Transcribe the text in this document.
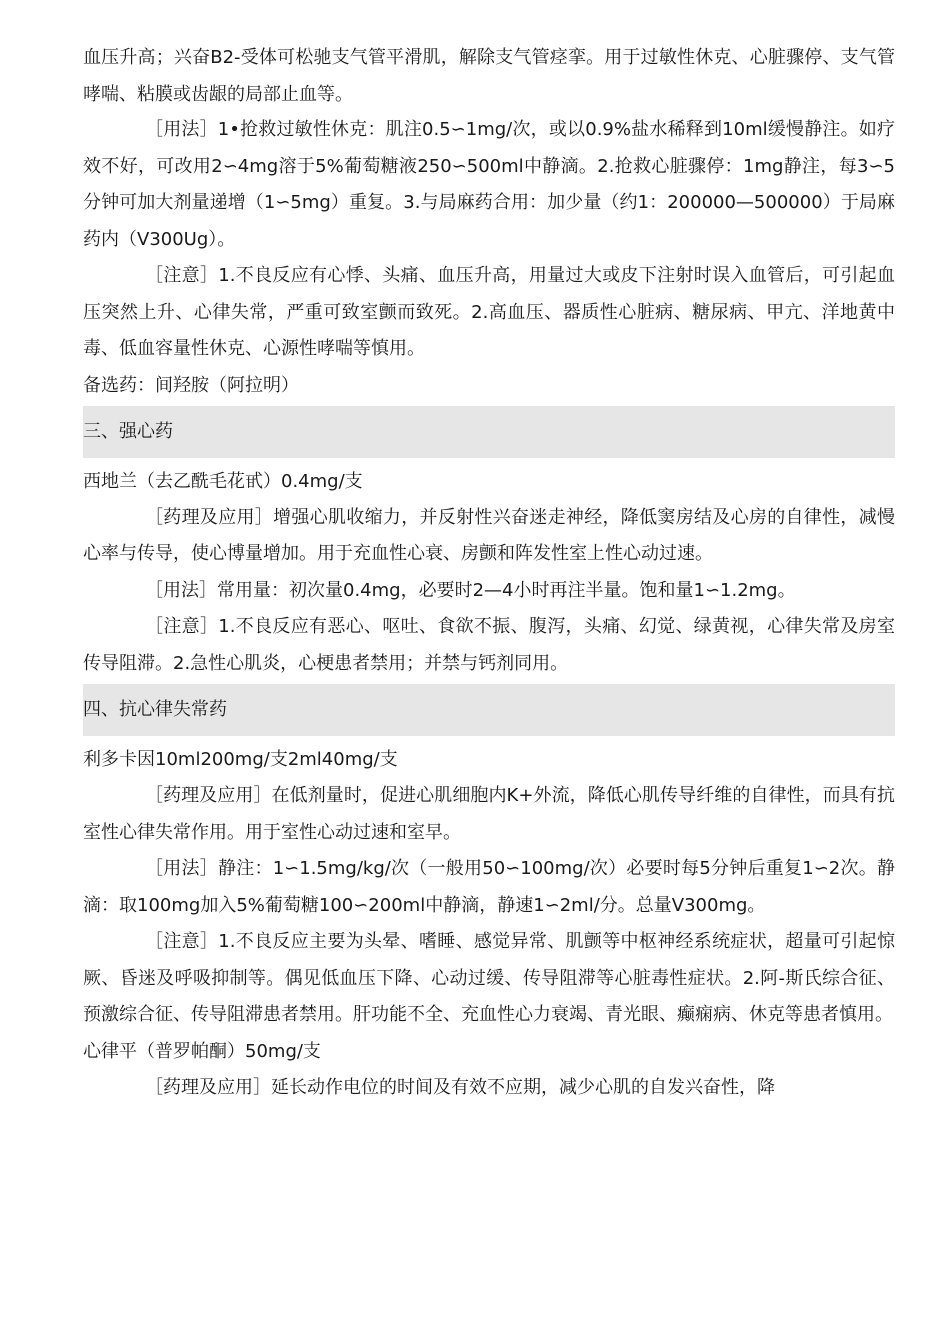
血压升高；兴奋B2-受体可松驰支气管平滑肌，解除支气管痉挛。用于过敏性休克、心脏骤停、支气管哮喘、粘膜或齿龈的局部止血等。
［用法］1•抢救过敏性休克：肌注0.5∽1mg/次，或以0.9%盐水稀释到10ml缓慢静注。如疗效不好，可改用2∽4mg溶于5%葡萄糖液250∽500ml中静滴。2.抢救心脏骤停：1mg静注，每3∽5分钟可加大剂量递增（1∽5mg）重复。3.与局麻药合用：加少量（约1：200000—500000）于局麻药内（V300Ug）。
［注意］1.不良反应有心悸、头痛、血压升高，用量过大或皮下注射时误入血管后，可引起血压突然上升、心律失常，严重可致室颤而致死。2.高血压、器质性心脏病、糖尿病、甲亢、洋地黄中毒、低血容量性休克、心源性哮喘等慎用。
备选药：间羟胺（阿拉明）
三、强心药
西地兰（去乙酰毛花甙）0.4mg/支
［药理及应用］增强心肌收缩力，并反射性兴奋迷走神经，降低窦房结及心房的自律性，减慢心率与传导，使心博量增加。用于充血性心衰、房颤和阵发性室上性心动过速。
［用法］常用量：初次量0.4mg，必要时2—4小时再注半量。饱和量1∽1.2mg。
［注意］1.不良反应有恶心、呕吐、食欲不振、腹泻，头痛、幻觉、绿黄视，心律失常及房室传导阻滞。2.急性心肌炎，心梗患者禁用；并禁与钙剂同用。
四、抗心律失常药
利多卡因10ml200mg/支2ml40mg/支
［药理及应用］在低剂量时，促进心肌细胞内K+外流，降低心肌传导纤维的自律性，而具有抗室性心律失常作用。用于室性心动过速和室早。
［用法］静注：1∽1.5mg/kg/次（一般用50∽100mg/次）必要时每5分钟后重复1∽2次。静滴：取100mg加入5%葡萄糖100∽200ml中静滴，静速1∽2ml/分。总量V300mg。
［注意］1.不良反应主要为头晕、嗜睡、感觉异常、肌颤等中枢神经系统症状，超量可引起惊厥、昏迷及呼吸抑制等。偶见低血压下降、心动过缓、传导阻滞等心脏毒性症状。2.阿-斯氏综合征、预激综合征、传导阻滞患者禁用。肝功能不全、充血性心力衰竭、青光眼、癫痫病、休克等患者慎用。
心律平（普罗帕酮）50mg/支
［药理及应用］延长动作电位的时间及有效不应期，减少心肌的自发兴奋性，降
